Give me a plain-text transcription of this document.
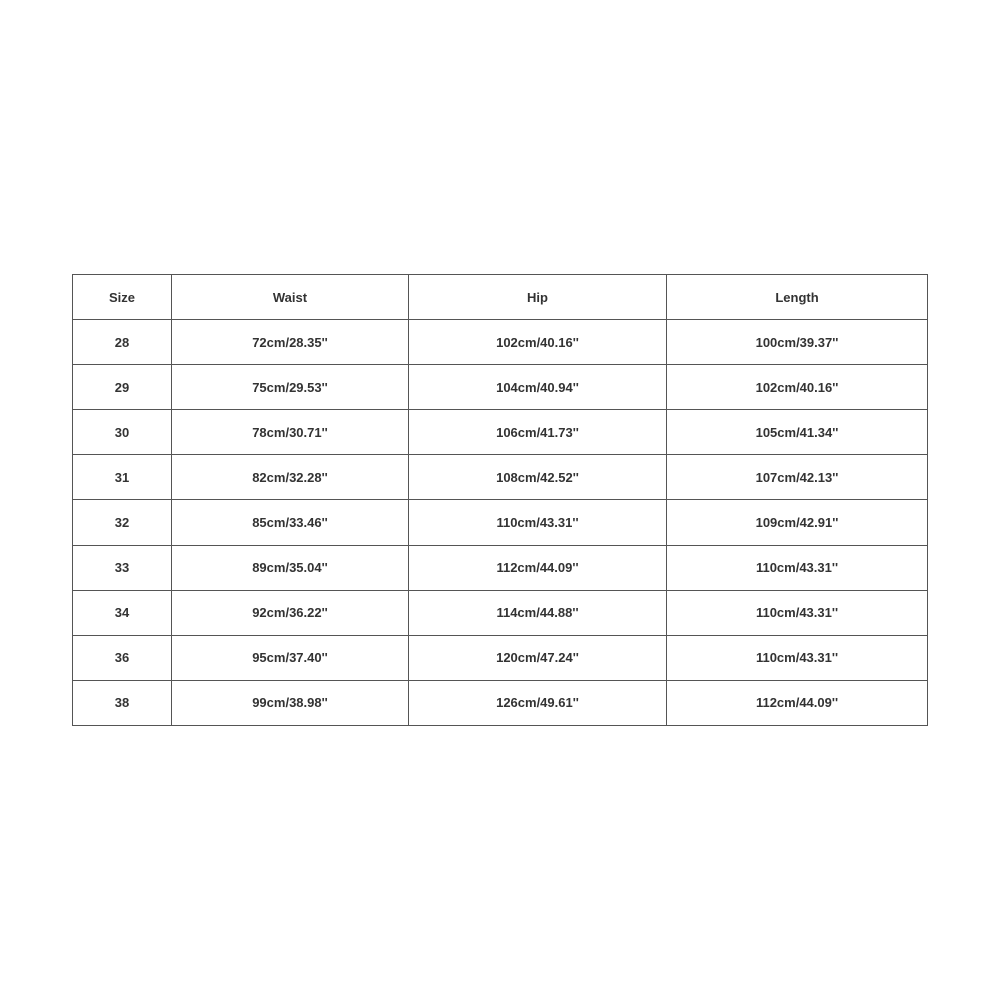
Size	Waist	Hip	Length
28	72cm/28.35''	102cm/40.16''	100cm/39.37''
29	75cm/29.53''	104cm/40.94''	102cm/40.16''
30	78cm/30.71''	106cm/41.73''	105cm/41.34''
31	82cm/32.28''	108cm/42.52''	107cm/42.13''
32	85cm/33.46''	110cm/43.31''	109cm/42.91''
33	89cm/35.04''	112cm/44.09''	110cm/43.31''
34	92cm/36.22''	114cm/44.88''	110cm/43.31''
36	95cm/37.40''	120cm/47.24''	110cm/43.31''
38	99cm/38.98''	126cm/49.61''	112cm/44.09''
